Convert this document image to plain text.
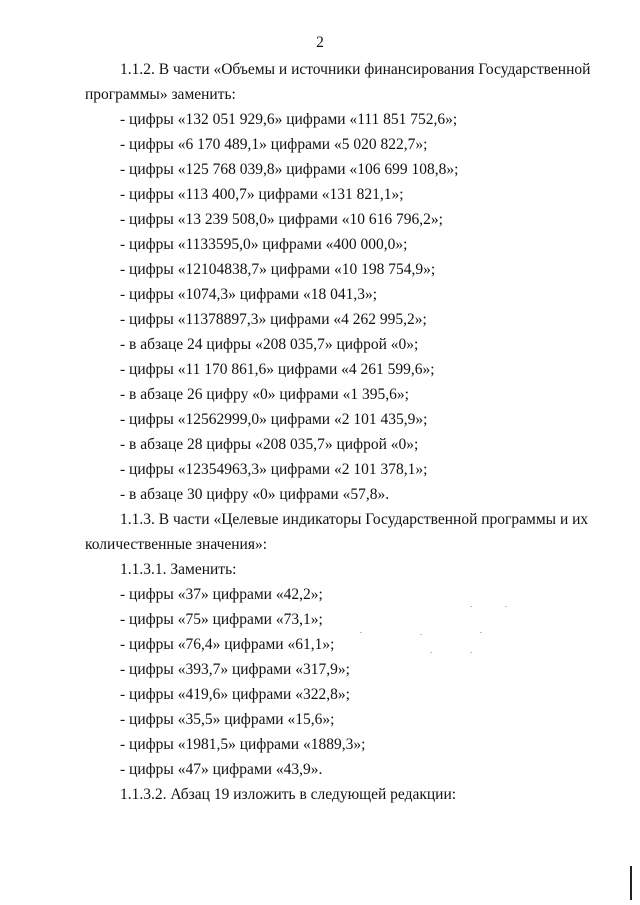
2
1.1.2. В части «Объемы и источники финансирования Государственной
программы» заменить:
- цифры «132 051 929,6» цифрами «111 851 752,6»;
- цифры «6 170 489,1» цифрами «5 020 822,7»;
- цифры «125 768 039,8» цифрами «106 699 108,8»;
- цифры «113 400,7» цифрами «131 821,1»;
- цифры «13 239 508,0» цифрами «10 616 796,2»;
- цифры «1133595,0» цифрами «400 000,0»;
- цифры «12104838,7» цифрами «10 198 754,9»;
- цифры «1074,3» цифрами «18 041,3»;
- цифры «11378897,3» цифрами «4 262 995,2»;
- в абзаце 24 цифры «208 035,7» цифрой «0»;
- цифры «11 170 861,6» цифрами «4 261 599,6»;
- в абзаце 26 цифру «0» цифрами «1 395,6»;
- цифры «12562999,0» цифрами «2 101 435,9»;
- в абзаце 28 цифры «208 035,7» цифрой «0»;
- цифры «12354963,3» цифрами «2 101 378,1»;
- в абзаце 30 цифру «0» цифрами «57,8».
1.1.3. В части «Целевые индикаторы Государственной программы и их
количественные значения»:
1.1.3.1. Заменить:
- цифры «37» цифрами «42,2»;
- цифры «75» цифрами «73,1»;
- цифры «76,4» цифрами «61,1»;
- цифры «393,7» цифрами «317,9»;
- цифры «419,6» цифрами «322,8»;
- цифры «35,5» цифрами «15,6»;
- цифры «1981,5» цифрами «1889,3»;
- цифры «47» цифрами «43,9».
1.1.3.2. Абзац 19 изложить в следующей редакции:
